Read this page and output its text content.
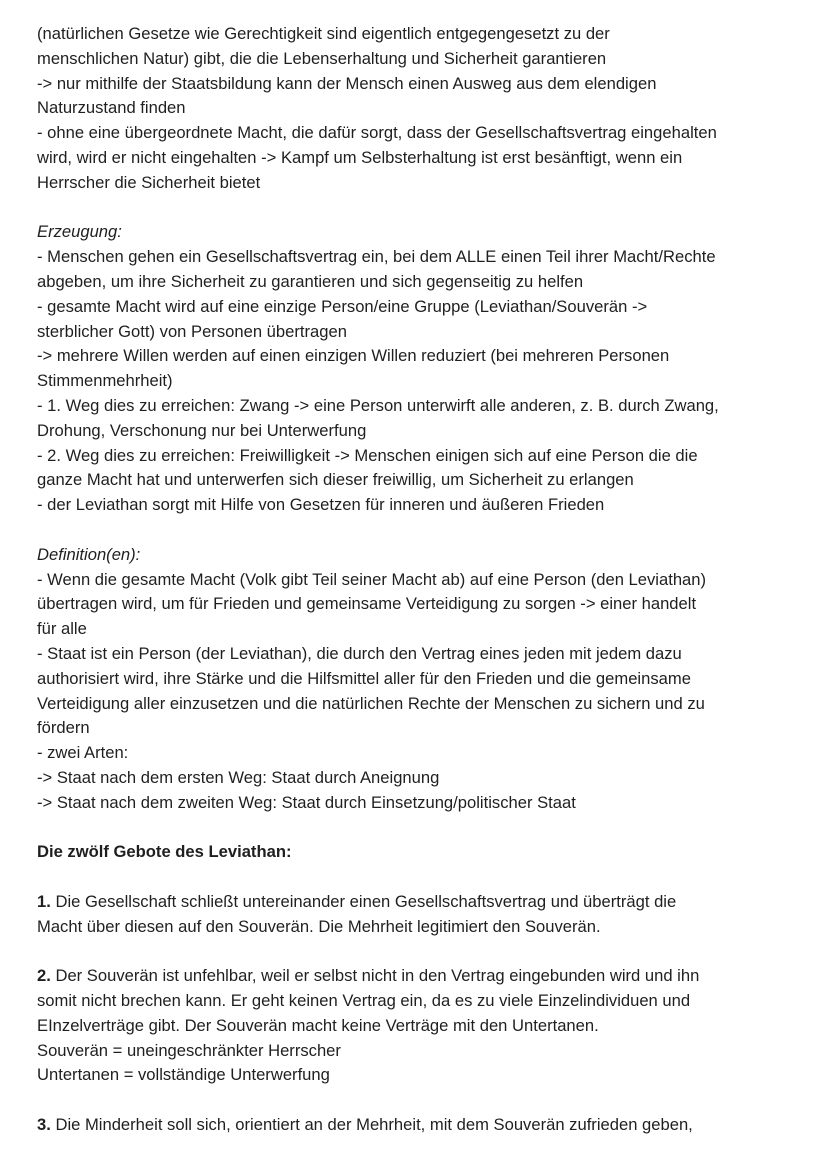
(natürlichen Gesetze wie Gerechtigkeit sind eigentlich entgegengesetzt zu der
menschlichen Natur) gibt, die die Lebenserhaltung und Sicherheit garantieren
-> nur mithilfe der Staatsbildung kann der Mensch einen Ausweg aus dem elendigen
Naturzustand finden
- ohne eine übergeordnete Macht, die dafür sorgt, dass der Gesellschaftsvertrag eingehalten
wird, wird er nicht eingehalten -> Kampf um Selbsterhaltung ist erst besänftigt, wenn ein
Herrscher die Sicherheit bietet
Erzeugung:
- Menschen gehen ein Gesellschaftsvertrag ein, bei dem ALLE einen Teil ihrer Macht/Rechte
abgeben, um ihre Sicherheit zu garantieren und sich gegenseitig zu helfen
- gesamte Macht wird auf eine einzige Person/eine Gruppe (Leviathan/Souverän ->
sterblicher Gott) von Personen übertragen
-> mehrere Willen werden auf einen einzigen Willen reduziert (bei mehreren Personen
Stimmenmehrheit)
- 1. Weg dies zu erreichen: Zwang -> eine Person unterwirft alle anderen, z. B. durch Zwang,
Drohung, Verschonung nur bei Unterwerfung
- 2. Weg dies zu erreichen: Freiwilligkeit -> Menschen einigen sich auf eine Person die die
ganze Macht hat und unterwerfen sich dieser freiwillig, um Sicherheit zu erlangen
- der Leviathan sorgt mit Hilfe von Gesetzen für inneren und äußeren Frieden
Definition(en):
- Wenn die gesamte Macht (Volk gibt Teil seiner Macht ab) auf eine Person (den Leviathan)
übertragen wird, um für Frieden und gemeinsame Verteidigung zu sorgen -> einer handelt
für alle
- Staat ist ein Person (der Leviathan), die durch den Vertrag eines jeden mit jedem dazu
authorisiert wird, ihre Stärke und die Hilfsmittel aller für den Frieden und die gemeinsame
Verteidigung aller einzusetzen und die natürlichen Rechte der Menschen zu sichern und zu
fördern
- zwei Arten:
-> Staat nach dem ersten Weg: Staat durch Aneignung
-> Staat nach dem zweiten Weg: Staat durch Einsetzung/politischer Staat
Die zwölf Gebote des Leviathan:
1. Die Gesellschaft schließt untereinander einen Gesellschaftsvertrag und überträgt die
Macht über diesen auf den Souverän. Die Mehrheit legitimiert den Souverän.
2. Der Souverän ist unfehlbar, weil er selbst nicht in den Vertrag eingebunden wird und ihn
somit nicht brechen kann. Er geht keinen Vertrag ein, da es zu viele Einzelindividuen und
EInzelverträge gibt. Der Souverän macht keine Verträge mit den Untertanen.
Souverän = uneingeschränkter Herrscher
Untertanen = vollständige Unterwerfung
3. Die Minderheit soll sich, orientiert an der Mehrheit, mit dem Souverän zufrieden geben,
